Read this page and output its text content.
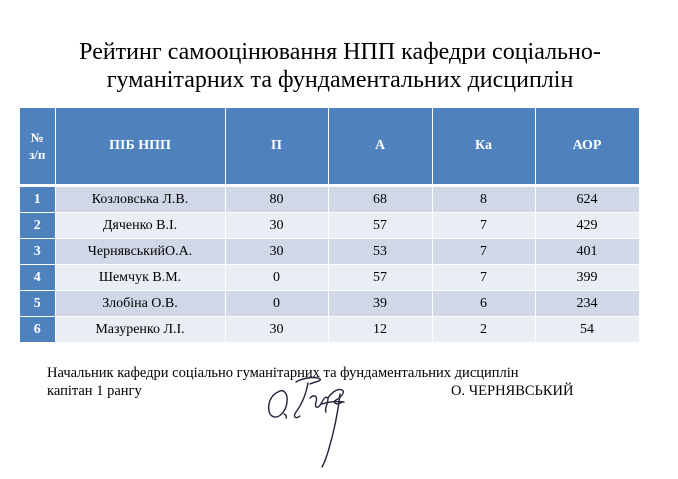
Рейтинг самооцінювання НПП кафедри соціально-
гуманітарних та фундаментальних дисциплін
№
з/п	ПІБ НПП	П	А	Ка	АОР
1	Козловська Л.В.	80	68	8	624
2	Дяченко В.І.	30	57	7	429
3	ЧернявськийО.А.	30	53	7	401
4	Шемчук В.М.	0	57	7	399
5	Злобіна О.В.	0	39	6	234
6	Мазуренко Л.І.	30	12	2	54
Начальник кафедри соціально гуманітарних та фундаментальних дисциплін
капітан 1 рангу	О. ЧЕРНЯВСЬКИЙ
